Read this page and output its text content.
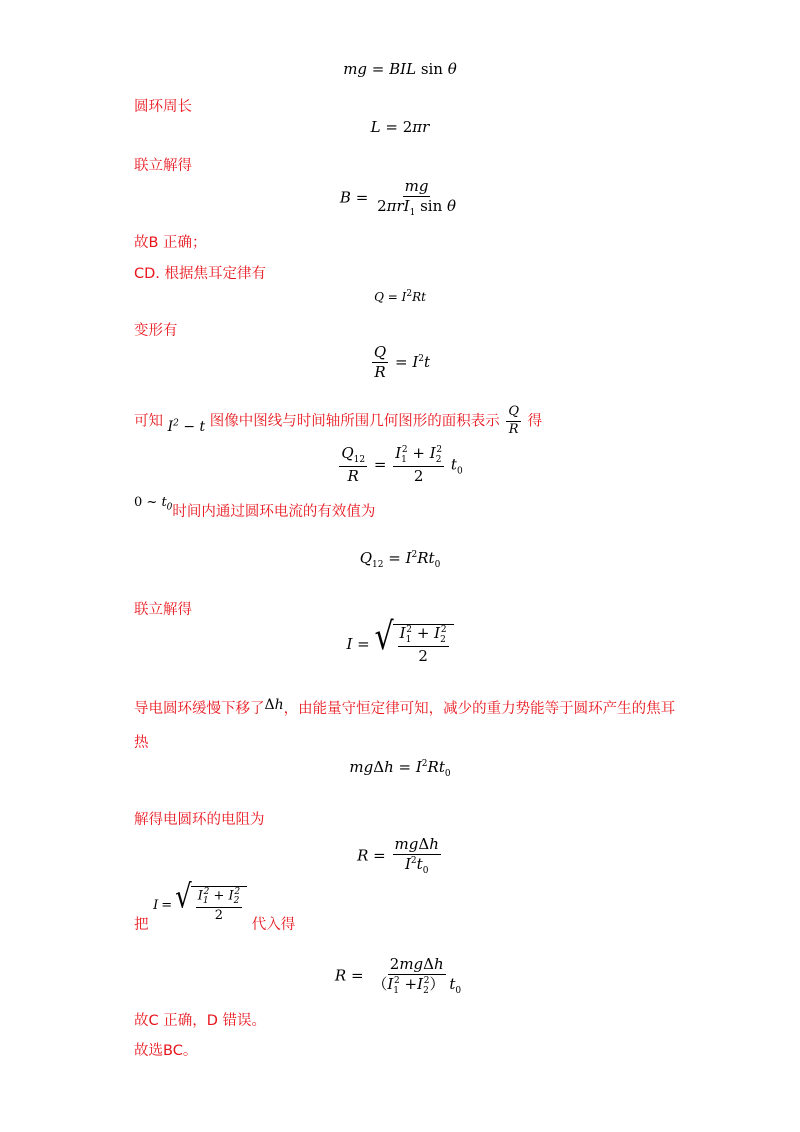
mg = BIL sin θ
圆环周长
L = 2πr
联立解得
$B = \frac{mg}{2\pi rI_1 \sin \theta}$
故B 正确；
CD. 根据焦耳定律有
$Q = I^2Rt$
变形有
$\frac{Q}{R} = I^2t$
可知 $I^2 - t$ 图像中图线与时间轴所围几何图形的面积表示 $\frac{Q}{R}$ 得
$\frac{Q_{12}}{R} = \frac{I_1^2 + I_2^2}{2} t_0$
0 ~ $t_0$时间内通过圆环电流的有效值为
$Q_{12} = I^2Rt_0$
联立解得
I = √ $\frac{I_1^2 + I_2^2}{2}$
导电圆环缓慢下移了Δh，由能量守恒定律可知，减少的重力势能等于圆环产生的焦耳
热
$mg\Delta h = I^2Rt_0$
解得电圆环的电阻为
$R = \frac{\text{mgΔh}}{I^2t_0}$
把 I = √ $\frac{I_1^2 + I_2^2}{2}$
代入得
$R = \frac{\text{2mgΔh}}{(I_1^2 +I_2^2) t_0}$
故C 正确，D 错误。
故选BC。
